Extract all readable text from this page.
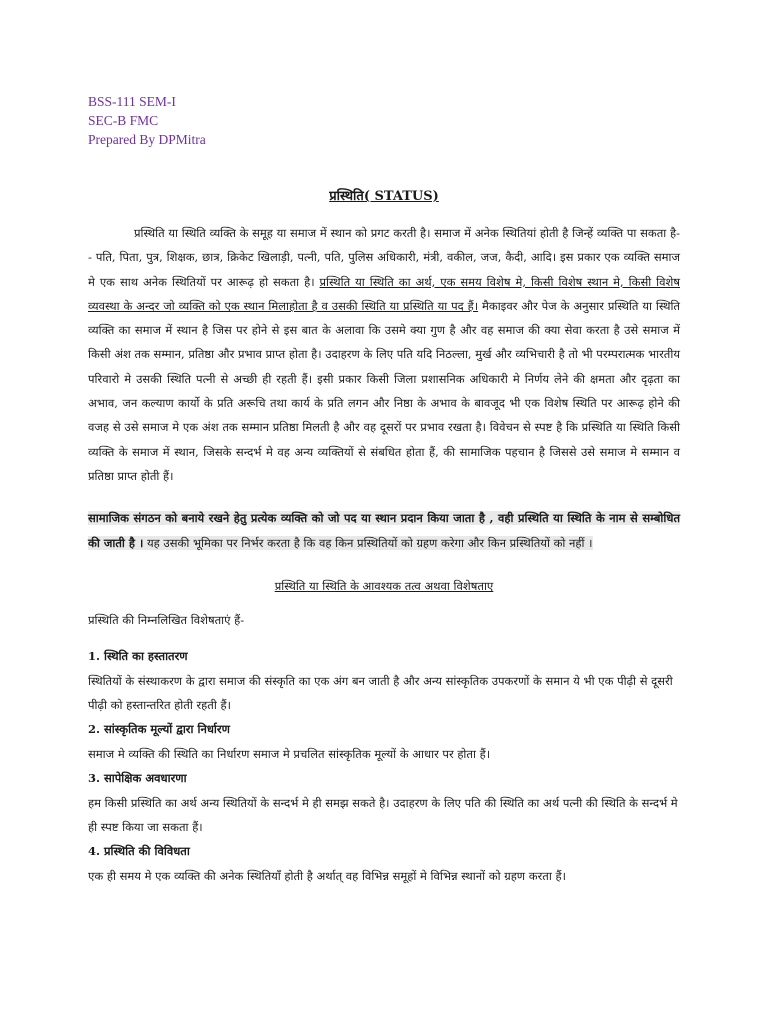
BSS-111 SEM-I
SEC-B FMC
Prepared By DPMitra
प्रस्थिति( STATUS)
प्रस्थिति या स्थिति व्यक्ति के समूह या समाज में स्थान को प्रगट करती है। समाज में अनेक स्थितियां होती है जिन्हें व्यक्ति पा सकता है-- पति, पिता, पुत्र, शिक्षक, छात्र, क्रिकेट खिलाड़ी, पत्नी, पति, पुलिस अधिकारी, मंत्री, वकील, जज, कैदी, आदि। इस प्रकार एक व्यक्ति समाज मे एक साथ अनेक स्थितियों पर आरूढ़ हो सकता है। प्रस्थिति या स्थिति का अर्थ, एक समय विशेष मे, किसी विशेष स्थान मे, किसी विशेष व्यवस्था के अन्दर जो व्यक्ति को एक स्थान मिलाहोता है व उसकी स्थिति या प्रस्थिति या पद हैं। मैकाइवर और पेज के अनुसार प्रस्थिति या स्थिति व्यक्ति का समाज में स्थान है जिस पर होने से इस बात के अलावा कि उसमे क्या गुण है और वह समाज की क्या सेवा करता है उसे समाज में किसी अंश तक सम्मान, प्रतिष्ठा और प्रभाव प्राप्त होता है। उदाहरण के लिए पति यदि निठल्ला, मुर्ख और व्यभिचारी है तो भी परम्परात्मक भारतीय परिवारो मे उसकी स्थिति पत्नी से अच्छी ही रहती हैं। इसी प्रकार किसी जिला प्रशासनिक अधिकारी मे निर्णय लेने की क्षमता और दृढ़ता का अभाव, जन कल्याण कार्यो के प्रति अरूचि तथा कार्य के प्रति लगन और निष्ठा के अभाव के बावजूद भी एक विशेष स्थिति पर आरूढ़ होने की वजह से उसे समाज मे एक अंश तक सम्मान प्रतिष्ठा मिलती है और वह दूसरों पर प्रभाव रखता है। विवेचन से स्पष्ट है कि प्रस्थिति या स्थिति किसी व्यक्ति के समाज में स्थान, जिसके सन्दर्भ मे वह अन्य व्यक्तियों से संबधित होता हैं, की सामाजिक पहचान है जिससे उसे समाज मे सम्मान व प्रतिष्ठा प्राप्त होती हैं।
सामाजिक संगठन को बनाये रखने हेतु प्रत्येक व्यक्ति को जो पद या स्थान प्रदान किया जाता है , वही प्रस्थिति या स्थिति के नाम से सम्बोधित की जाती है । यह उसकी भूमिका पर निर्भर करता है कि वह किन प्रस्थितियों को ग्रहण करेगा और किन प्रस्थितियों को नहीं ।
प्रस्थिति या स्थिति के आवश्यक तत्व अथवा विशेषताए
प्रस्थिति की निम्नलिखित विशेषताएं हैं-
1. स्थिति का हस्तातरण
स्थितियों के संस्थाकरण के द्वारा समाज की संस्कृति का एक अंग बन जाती है और अन्य सांस्कृतिक उपकरणों के समान ये भी एक पीढ़ी से दूसरी पीढ़ी को हस्तान्तरित होती रहती हैं।
2. सांस्कृतिक मूल्यों द्वारा निर्धारण
समाज मे व्यक्ति की स्थिति का निर्धारण समाज मे प्रचलित सांस्कृतिक मूल्यों के आधार पर होता हैं।
3. सापेक्षिक अवधारणा
हम किसी प्रस्थिति का अर्थ अन्य स्थितियों के सन्दर्भ मे ही समझ सकते है। उदाहरण के लिए पति की स्थिति का अर्थ पत्नी की स्थिति के सन्दर्भ मे ही स्पष्ट किया जा सकता हैं।
4. प्रस्थिति की विविधता
एक ही समय मे एक व्यक्ति की अनेक स्थितियाँ होती है अर्थात् वह विभिन्न समूहों मे विभिन्न स्थानों को ग्रहण करता हैं।
